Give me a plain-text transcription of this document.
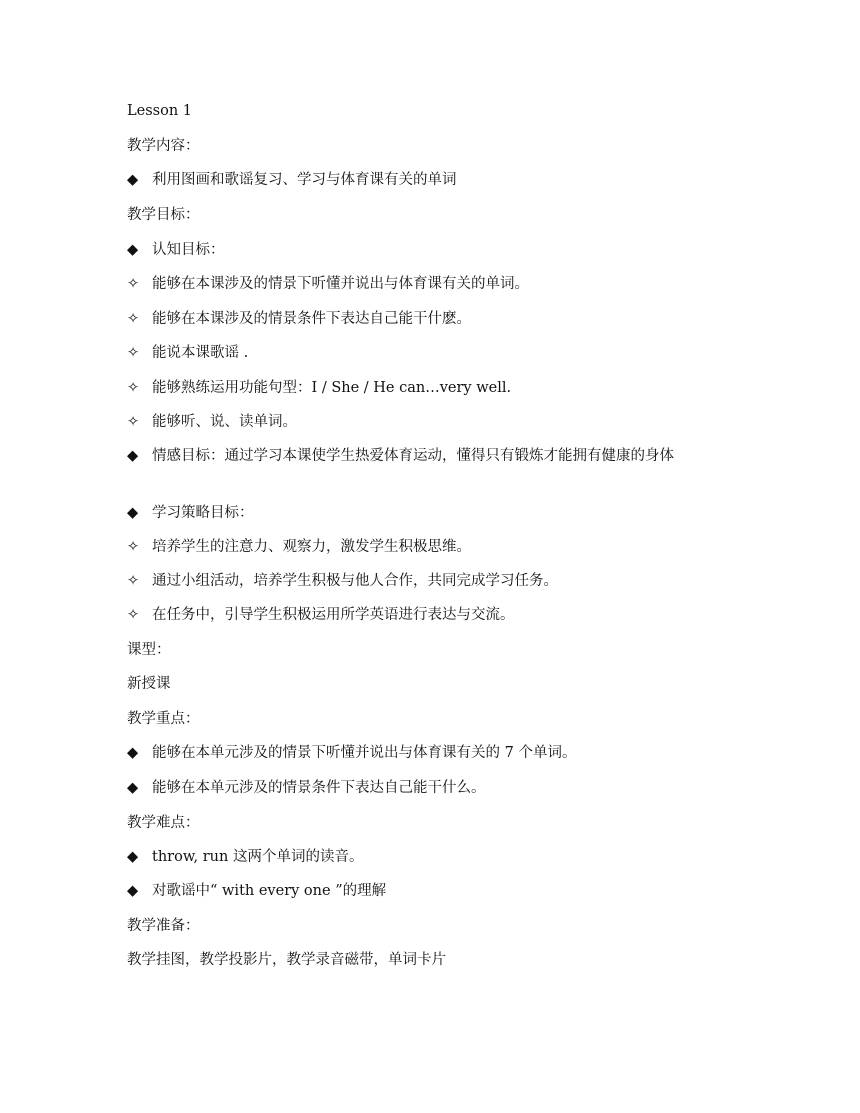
Lesson 1
教学内容：
◆ 利用图画和歌谣复习、学习与体育课有关的单词
教学目标：
◆ 认知目标：
✧ 能够在本课涉及的情景下听懂并说出与体育课有关的单词。
✧ 能够在本课涉及的情景条件下表达自己能干什麽。
✧ 能说本课歌谣 .
✧ 能够熟练运用功能句型：I / She / He can…very well.
✧ 能够听、说、读单词。
◆ 情感目标：通过学习本课使学生热爱体育运动，懂得只有锻炼才能拥有健康的身体
◆ 学习策略目标：
✧ 培养学生的注意力、观察力，激发学生积极思维。
✧ 通过小组活动，培养学生积极与他人合作，共同完成学习任务。
✧ 在任务中，引导学生积极运用所学英语进行表达与交流。
课型：
新授课
教学重点：
◆ 能够在本单元涉及的情景下听懂并说出与体育课有关的 7 个单词。
◆ 能够在本单元涉及的情景条件下表达自己能干什么。
教学难点：
◆ throw, run 这两个单词的读音。
◆ 对歌谣中“ with every one ”的理解
教学准备：
教学挂图，教学投影片，教学录音磁带，单词卡片
